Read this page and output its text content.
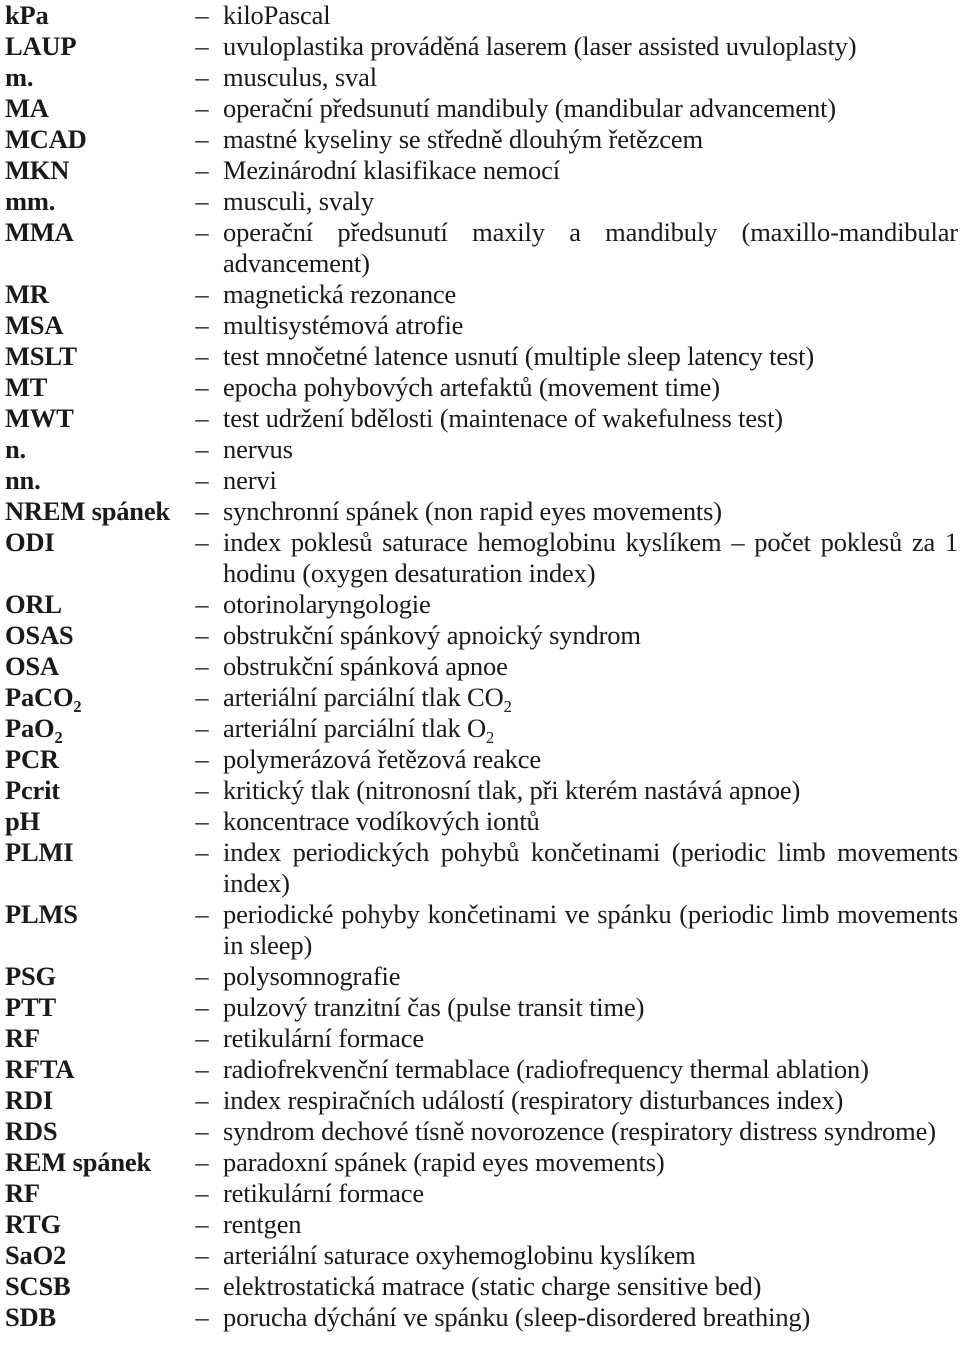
kPa	– kiloPascal
LAUP	– uvuloplastika prováděná laserem (laser assisted uvuloplasty)
m.	– musculus, sval
MA	– operační předsunutí mandibuly (mandibular advancement)
MCAD	– mastné kyseliny se středně dlouhým řetězcem
MKN	– Mezinárodní klasifikace nemocí
mm.	– musculi, svaly
MMA	– operační předsunutí maxily a mandibuly (maxillo-mandibular advancement)
MR	– magnetická rezonance
MSA	– multisystémová atrofie
MSLT	– test mnočetné latence usnutí (multiple sleep latency test)
MT	– epocha pohybových artefaktů (movement time)
MWT	– test udržení bdělosti (maintenace of wakefulness test)
n.	– nervus
nn.	– nervi
NREM spánek – synchronní spánek (non rapid eyes movements)
ODI	– index poklesů saturace hemoglobinu kyslíkem – počet poklesů za 1 hodinu (oxygen desaturation index)
ORL	– otorinolaryngologie
OSAS	– obstrukční spánkový apnoický syndrom
OSA	– obstrukční spánková apnoe
PaCO$_2$	– arteriální parciální tlak $CO_2$
PaO$_2$	– arteriální parciální tlak $O_2$
PCR	– polymerázová řetězová reakce
Pcrit	– kritický tlak (nitronosní tlak, při kterém nastává apnoe)
pH	– koncentrace vodíkových iontů
PLMI	– index periodických pohybů končetinami (periodic limb movements index)
PLMS	– periodické pohyby končetinami ve spánku (periodic limb movements in sleep)
PSG	– polysomnografie
PTT	– pulzový tranzitní čas (pulse transit time)
RF	– retikulární formace
RFTA	– radiofrekvenční termablace (radiofrequency thermal ablation)
RDI	– index respiračních událostí (respiratory disturbances index)
RDS	– syndrom dechové tísně novorozence (respiratory distress syndrome)
REM spánek	– paradoxní spánek (rapid eyes movements)
RF	– retikulární formace
RTG	– rentgen
SaO2	– arteriální saturace oxyhemoglobinu kyslíkem
SCSB	– elektrostatická matrace (static charge sensitive bed)
SDB	– porucha dýchání ve spánku (sleep-disordered breathing)
